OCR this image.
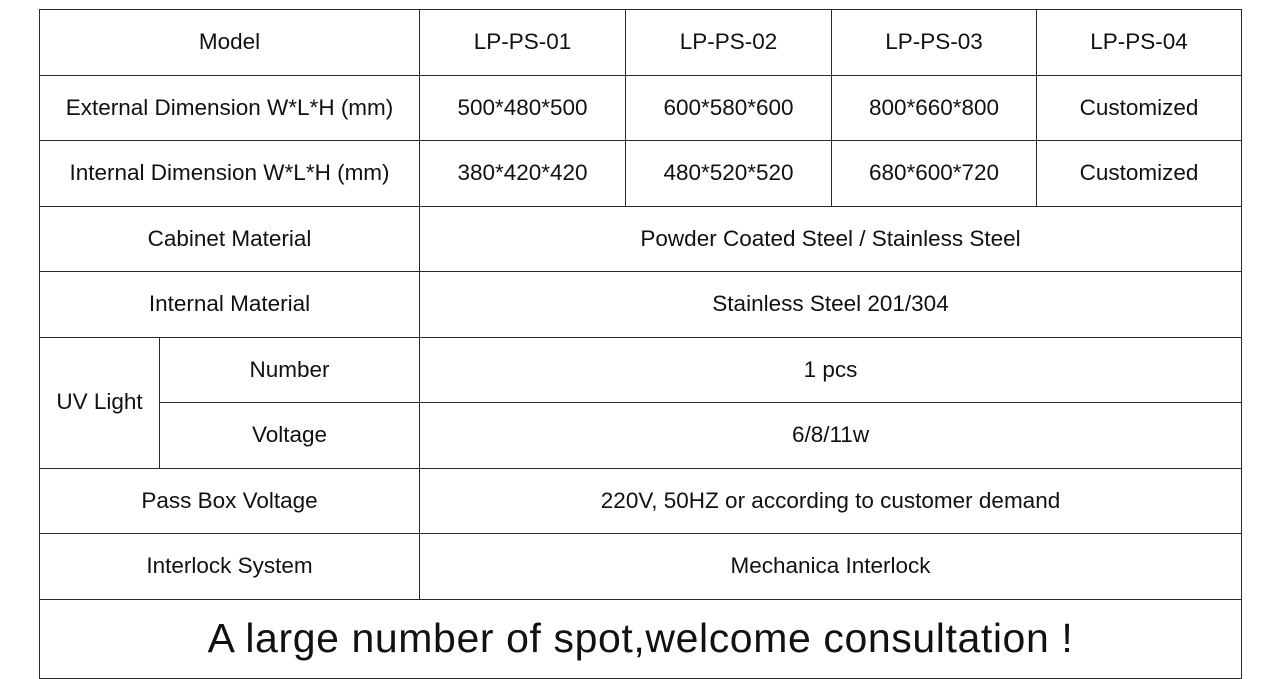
Model		LP-PS-01	LP-PS-02	LP-PS-03	LP-PS-04
External Dimension W*L*H (mm)		500*480*500	600*580*600	800*660*800	Customized
Internal Dimension W*L*H (mm)		380*420*420	480*520*520	680*600*720	Customized
Cabinet Material		Powder Coated Steel / Stainless Steel			
Internal Material		Stainless Steel 201/304			
UV Light	Number	1 pcs			
	Voltage	6/8/11w			
Pass Box Voltage		220V, 50HZ or according to customer demand			
Interlock System		Mechanica Interlock			
A large number of spot,welcome consultation !					
